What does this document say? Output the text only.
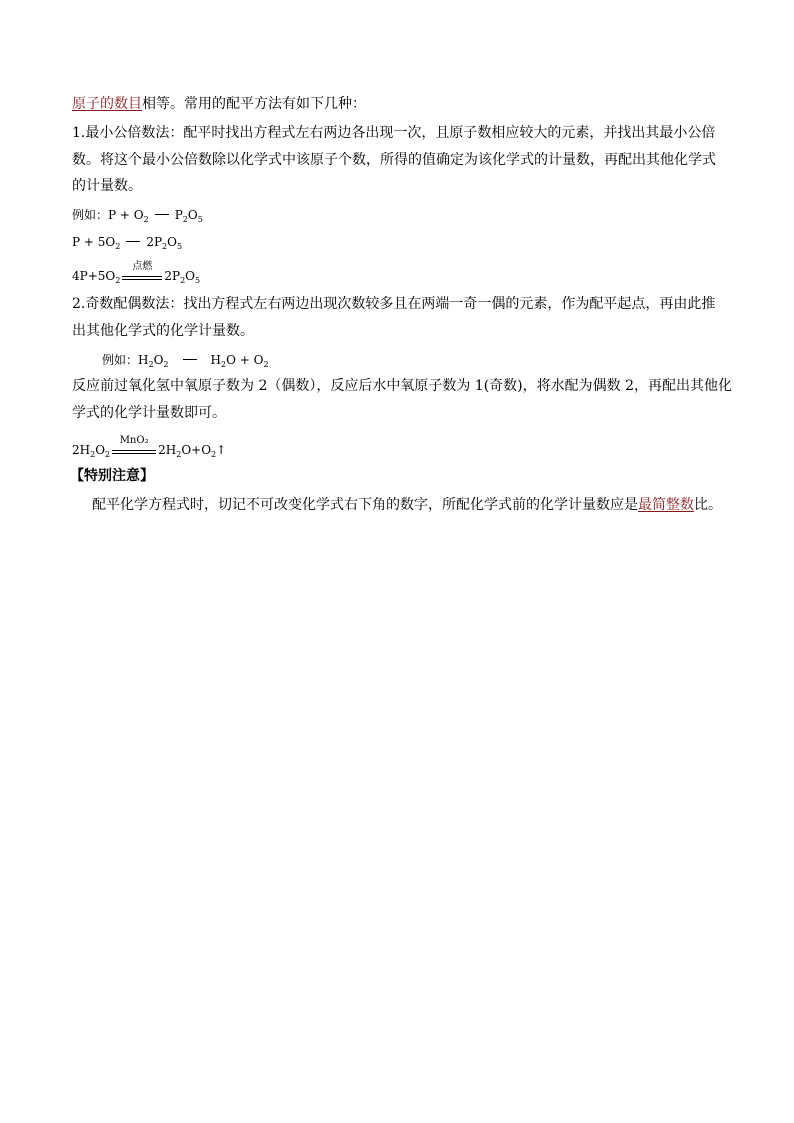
原子的数目相等。常用的配平方法有如下几种：
1.最小公倍数法：配平时找出方程式左右两边各出现一次，且原子数相应较大的元素，并找出其最小公倍
数。将这个最小公倍数除以化学式中该原子个数，所得的值确定为该化学式的计量数，再配出其他化学式
的计量数。
例如：$P + O_2$ $P_2O_5$
$P + 5O_2$ $2P_2O_5$
$4P+5O_2$
点燃
$2P_2O_5$
2.奇数配偶数法：找出方程式左右两边出现次数较多且在两端一奇一偶的元素，作为配平起点，再由此推
出其他化学式的化学计量数。
例如：$H_2O_2$	$H_2O + O_2$
反应前过氧化氢中氧原子数为 2（偶数），反应后水中氧原子数为 1(奇数)，将水配为偶数 2，再配出其他化
学式的化学计量数即可。
$2H_2O_2$
MnO₂
$2H_2O+O_2↑$
【特别注意】
配平化学方程式时，切记不可改变化学式右下角的数字，所配化学式前的化学计量数应是最简整数比。
